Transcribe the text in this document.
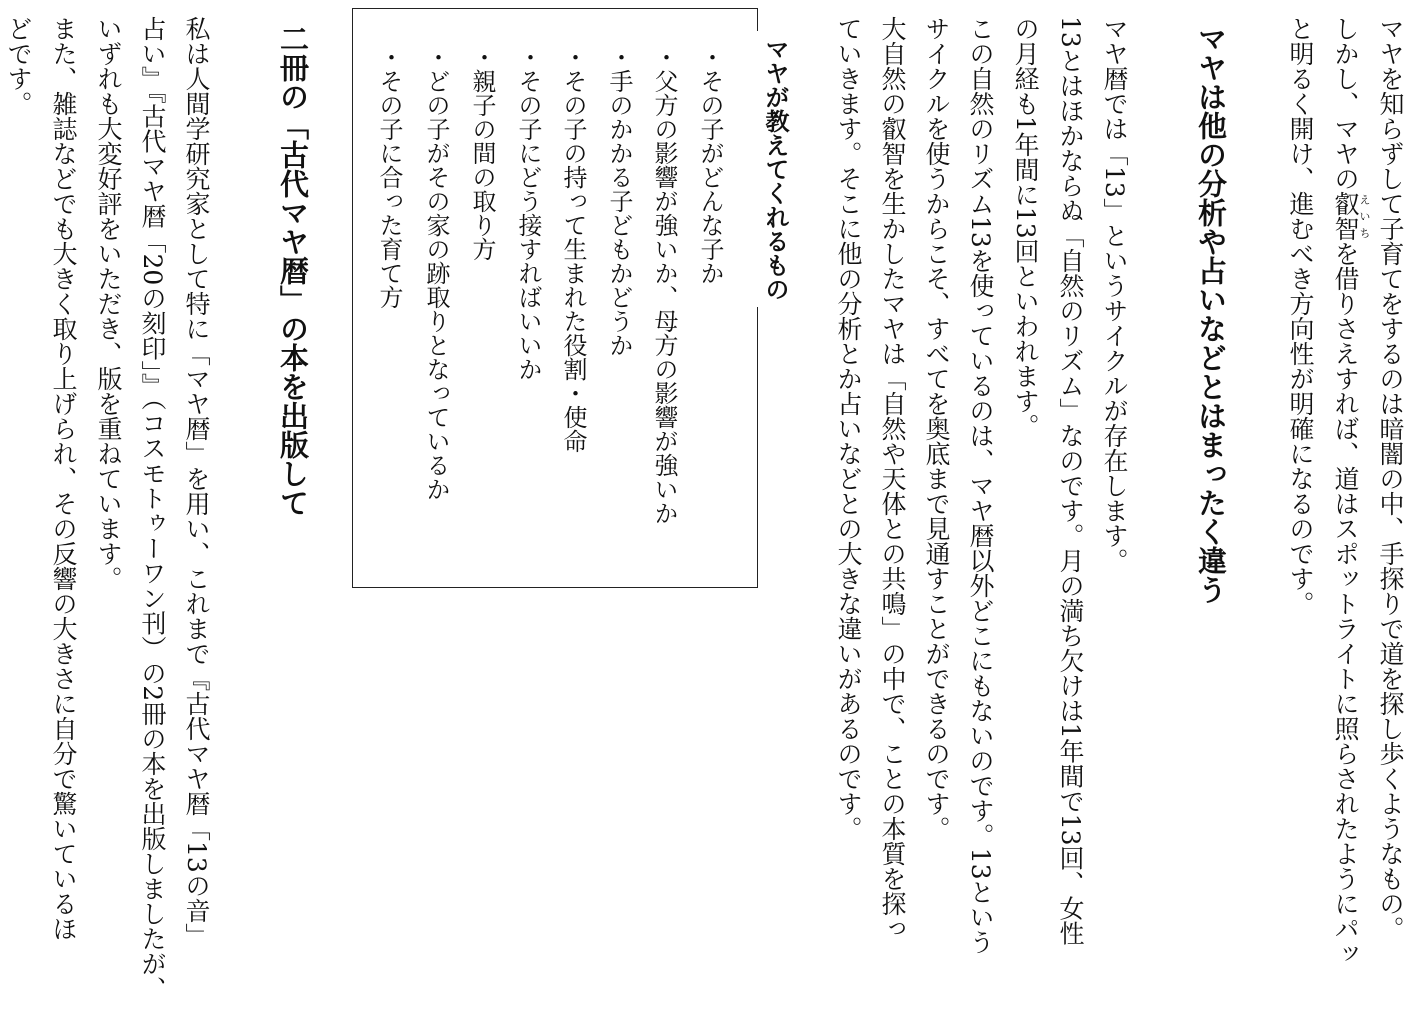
マヤを知らずして子育てをするのは暗闇の中、手探りで道を探し歩くようなもの。
しかし、マヤの叡智えいちを借りさえすれば、道はスポットライトに照らされたようにパッ
と明るく開け、進むべき方向性が明確になるのです。
マヤは他の分析や占いなどとはまったく違う
マヤ暦では「13」というサイクルが存在します。
13とはほかならぬ「自然のリズム」なのです。月の満ち欠けは1年間で13回、女性
の月経も1年間に13回といわれます。
この自然のリズム13を使っているのは、マヤ暦以外どこにもないのです。13という
サイクルを使うからこそ、すべてを奥底まで見通すことができるのです。
大自然の叡智を生かしたマヤは「自然や天体との共鳴」の中で、ことの本質を探っ
ていきます。そこに他の分析とか占いなどとの大きな違いがあるのです。
マヤが教えてくれるもの
・その子がどんな子か
・父方の影響が強いか、母方の影響が強いか
・手のかかる子どもかどうか
・その子の持って生まれた役割・使命
・その子にどう接すればいいか
・親子の間の取り方
・どの子がその家の跡取りとなっているか
・その子に合った育て方
二冊の「古代マヤ暦」の本を出版して
私は人間学研究家として特に「マヤ暦」を用い、これまで『古代マヤ暦「13の音」
占い』『古代マヤ暦「20の刻印」』（コスモトゥーワン刊）の2冊の本を出版しましたが、
いずれも大変好評をいただき、版を重ねています。
また、雑誌などでも大きく取り上げられ、その反響の大きさに自分で驚いているほ
どです。
